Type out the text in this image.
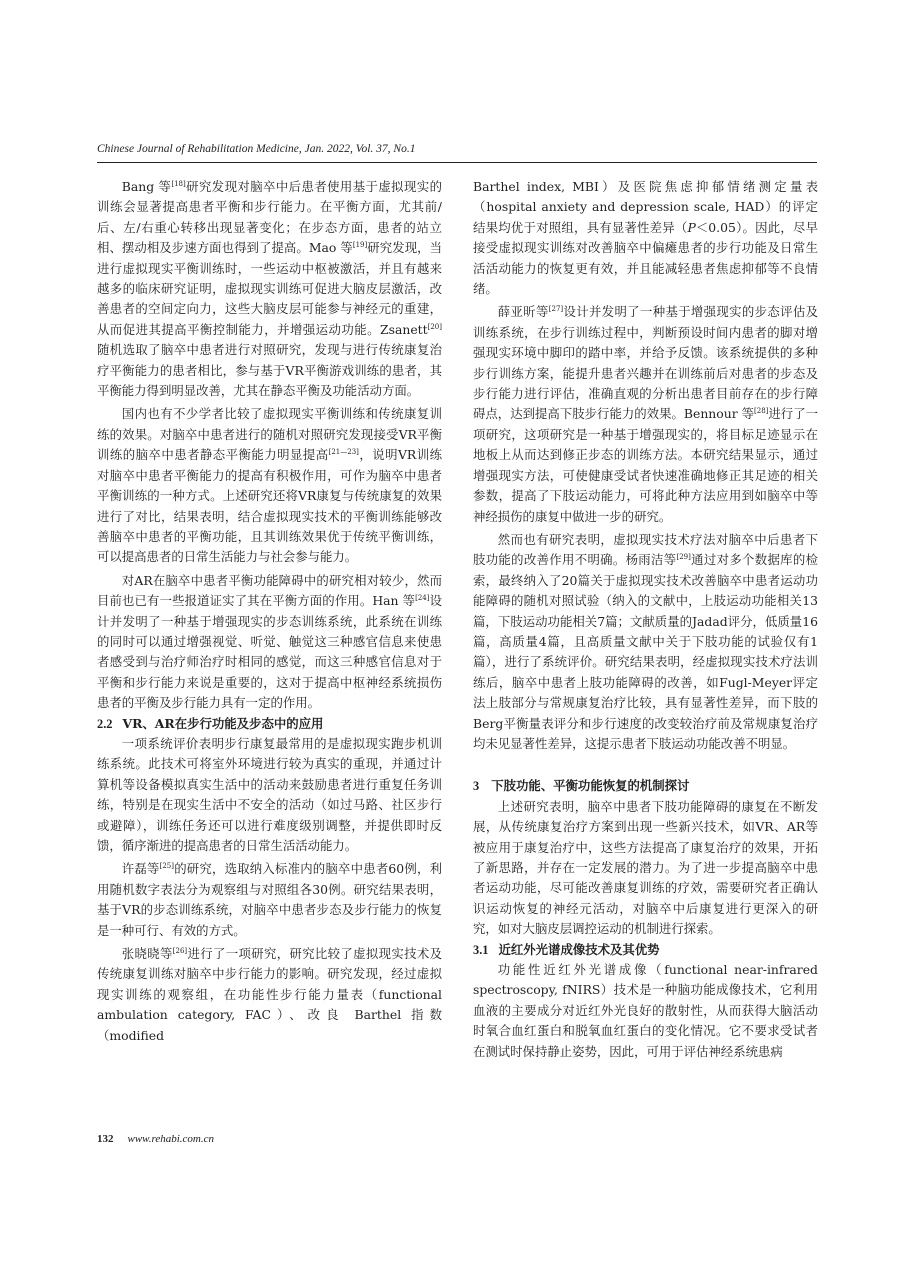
Chinese Journal of Rehabilitation Medicine, Jan. 2022, Vol. 37, No.1

Bang 等[18]研究发现对脑卒中后患者使用基于虚拟现实的训练会显著提高患者平衡和步行能力。在平衡方面，尤其前/后、左/右重心转移出现显著变化；在步态方面，患者的站立相、摆动相及步速方面也得到了提高。Mao 等[19]研究发现，当进行虚拟现实平衡训练时，一些运动中枢被激活，并且有越来越多的临床研究证明，虚拟现实训练可促进大脑皮层激活，改善患者的空间定向力，这些大脑皮层可能参与神经元的重建，从而促进其提高平衡控制能力，并增强运动功能。Zsanett[20]随机选取了脑卒中患者进行对照研究，发现与进行传统康复治疗平衡能力的患者相比，参与基于VR平衡游戏训练的患者，其平衡能力得到明显改善，尤其在静态平衡及功能活动方面。

国内也有不少学者比较了虚拟现实平衡训练和传统康复训练的效果。对脑卒中患者进行的随机对照研究发现接受VR平衡训练的脑卒中患者静态平衡能力明显提高[21—23]，说明VR训练对脑卒中患者平衡能力的提高有积极作用，可作为脑卒中患者平衡训练的一种方式。上述研究还将VR康复与传统康复的效果进行了对比，结果表明，结合虚拟现实技术的平衡训练能够改善脑卒中患者的平衡功能，且其训练效果优于传统平衡训练，可以提高患者的日常生活能力与社会参与能力。

对AR在脑卒中患者平衡功能障碍中的研究相对较少，然而目前也已有一些报道证实了其在平衡方面的作用。Han 等[24]设计并发明了一种基于增强现实的步态训练系统，此系统在训练的同时可以通过增强视觉、听觉、触觉这三种感官信息来使患者感受到与治疗师治疗时相同的感觉，而这三种感官信息对于平衡和步行能力来说是重要的，这对于提高中枢神经系统损伤患者的平衡及步行能力具有一定的作用。

2.2 VR、AR在步行功能及步态中的应用

一项系统评价表明步行康复最常用的是虚拟现实跑步机训练系统。此技术可将室外环境进行较为真实的重现，并通过计算机等设备模拟真实生活中的活动来鼓励患者进行重复任务训练，特别是在现实生活中不安全的活动（如过马路、社区步行或避障），训练任务还可以进行难度级别调整，并提供即时反馈，循序渐进的提高患者的日常生活活动能力。

许磊等[25]的研究，选取纳入标准内的脑卒中患者60例，利用随机数字表法分为观察组与对照组各30例。研究结果表明，基于VR的步态训练系统，对脑卒中患者步态及步行能力的恢复是一种可行、有效的方式。

张晓晓等[26]进行了一项研究，研究比较了虚拟现实技术及传统康复训练对脑卒中步行能力的影响。研究发现，经过虚拟现实训练的观察组，在功能性步行能力量表（functional ambulation category, FAC）、改良 Barthel 指数（modified

Barthel index, MBI）及医院焦虑抑郁情绪测定量表（hospital anxiety and depression scale, HAD）的评定结果均优于对照组，具有显著性差异（P＜0.05）。因此，尽早接受虚拟现实训练对改善脑卒中偏瘫患者的步行功能及日常生活活动能力的恢复更有效，并且能减轻患者焦虑抑郁等不良情绪。

薛亚昕等[27]设计并发明了一种基于增强现实的步态评估及训练系统，在步行训练过程中，判断预设时间内患者的脚对增强现实环境中脚印的踏中率，并给予反馈。该系统提供的多种步行训练方案，能提升患者兴趣并在训练前后对患者的步态及步行能力进行评估，准确直观的分析出患者目前存在的步行障碍点，达到提高下肢步行能力的效果。Bennour 等[28]进行了一项研究，这项研究是一种基于增强现实的，将目标足迹显示在地板上从而达到修正步态的训练方法。本研究结果显示，通过增强现实方法，可使健康受试者快速准确地修正其足迹的相关参数，提高了下肢运动能力，可将此种方法应用到如脑卒中等神经损伤的康复中做进一步的研究。

然而也有研究表明，虚拟现实技术疗法对脑卒中后患者下肢功能的改善作用不明确。杨雨洁等[29]通过对多个数据库的检索，最终纳入了20篇关于虚拟现实技术改善脑卒中患者运动功能障碍的随机对照试验（纳入的文献中，上肢运动功能相关13篇，下肢运动功能相关7篇；文献质量的Jadad评分，低质量16篇，高质量4篇，且高质量文献中关于下肢功能的试验仅有1篇），进行了系统评价。研究结果表明，经虚拟现实技术疗法训练后，脑卒中患者上肢功能障碍的改善，如Fugl-Meyer评定法上肢部分与常规康复治疗比较，具有显著性差异，而下肢的Berg平衡量表评分和步行速度的改变较治疗前及常规康复治疗均未见显著性差异，这提示患者下肢运动功能改善不明显。

3 下肢功能、平衡功能恢复的机制探讨

上述研究表明，脑卒中患者下肢功能障碍的康复在不断发展，从传统康复治疗方案到出现一些新兴技术，如VR、AR等被应用于康复治疗中，这些方法提高了康复治疗的效果，开拓了新思路，并存在一定发展的潜力。为了进一步提高脑卒中患者运动功能，尽可能改善康复训练的疗效，需要研究者正确认识运动恢复的神经元活动，对脑卒中后康复进行更深入的研究，如对大脑皮层调控运动的机制进行探索。

3.1 近红外光谱成像技术及其优势

功能性近红外光谱成像（functional near-infrared spectroscopy, fNIRS）技术是一种脑功能成像技术，它利用血液的主要成分对近红外光良好的散射性，从而获得大脑活动时氧合血红蛋白和脱氧血红蛋白的变化情况。它不要求受试者在测试时保持静止姿势，因此，可用于评估神经系统患病

132 www.rehabi.com.cn
